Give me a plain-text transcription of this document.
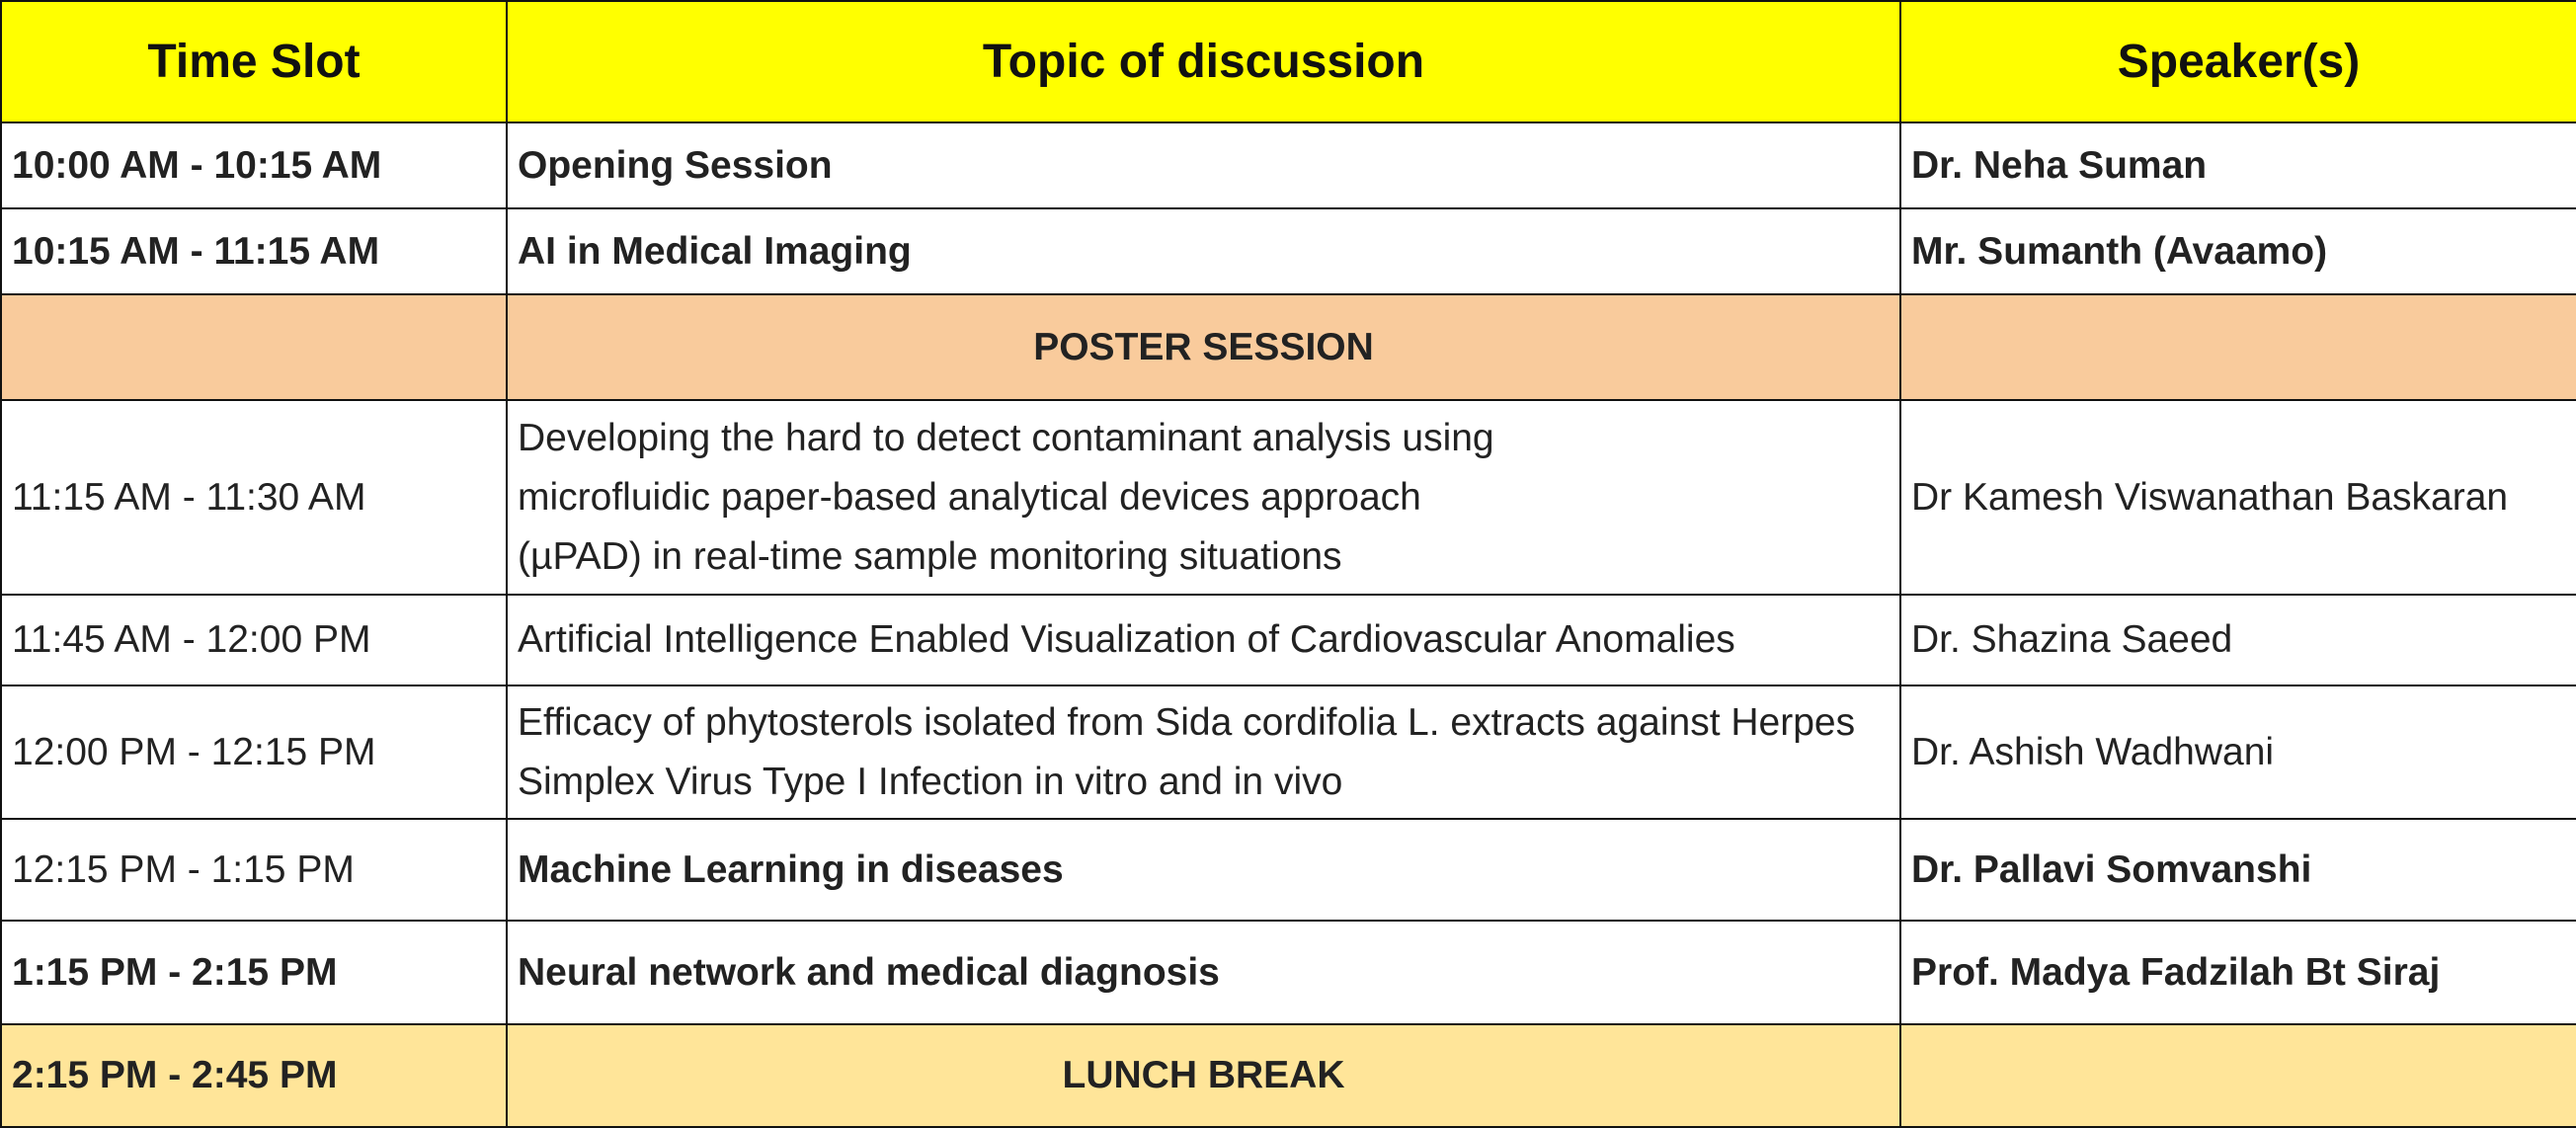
Time Slot	Topic of discussion	Speaker(s)
10:00 AM - 10:15 AM	Opening Session	Dr. Neha Suman
10:15 AM - 11:15 AM	AI in Medical Imaging	Mr. Sumanth (Avaamo)
	POSTER SESSION	
11:15 AM - 11:30 AM	Developing the hard to detect contaminant analysis using
microfluidic paper-based analytical devices approach
(µPAD) in real-time sample monitoring situations	Dr Kamesh Viswanathan Baskaran
11:45 AM - 12:00 PM	Artificial Intelligence Enabled Visualization of Cardiovascular Anomalies	Dr. Shazina Saeed
12:00 PM - 12:15 PM	Efficacy of phytosterols isolated from Sida cordifolia L. extracts against Herpes
Simplex Virus Type I Infection in vitro and in vivo	Dr. Ashish Wadhwani
12:15 PM - 1:15 PM	Machine Learning in diseases	Dr. Pallavi Somvanshi
1:15 PM - 2:15 PM	Neural network and medical diagnosis	Prof. Madya Fadzilah Bt Siraj
2:15 PM - 2:45 PM	LUNCH BREAK	
